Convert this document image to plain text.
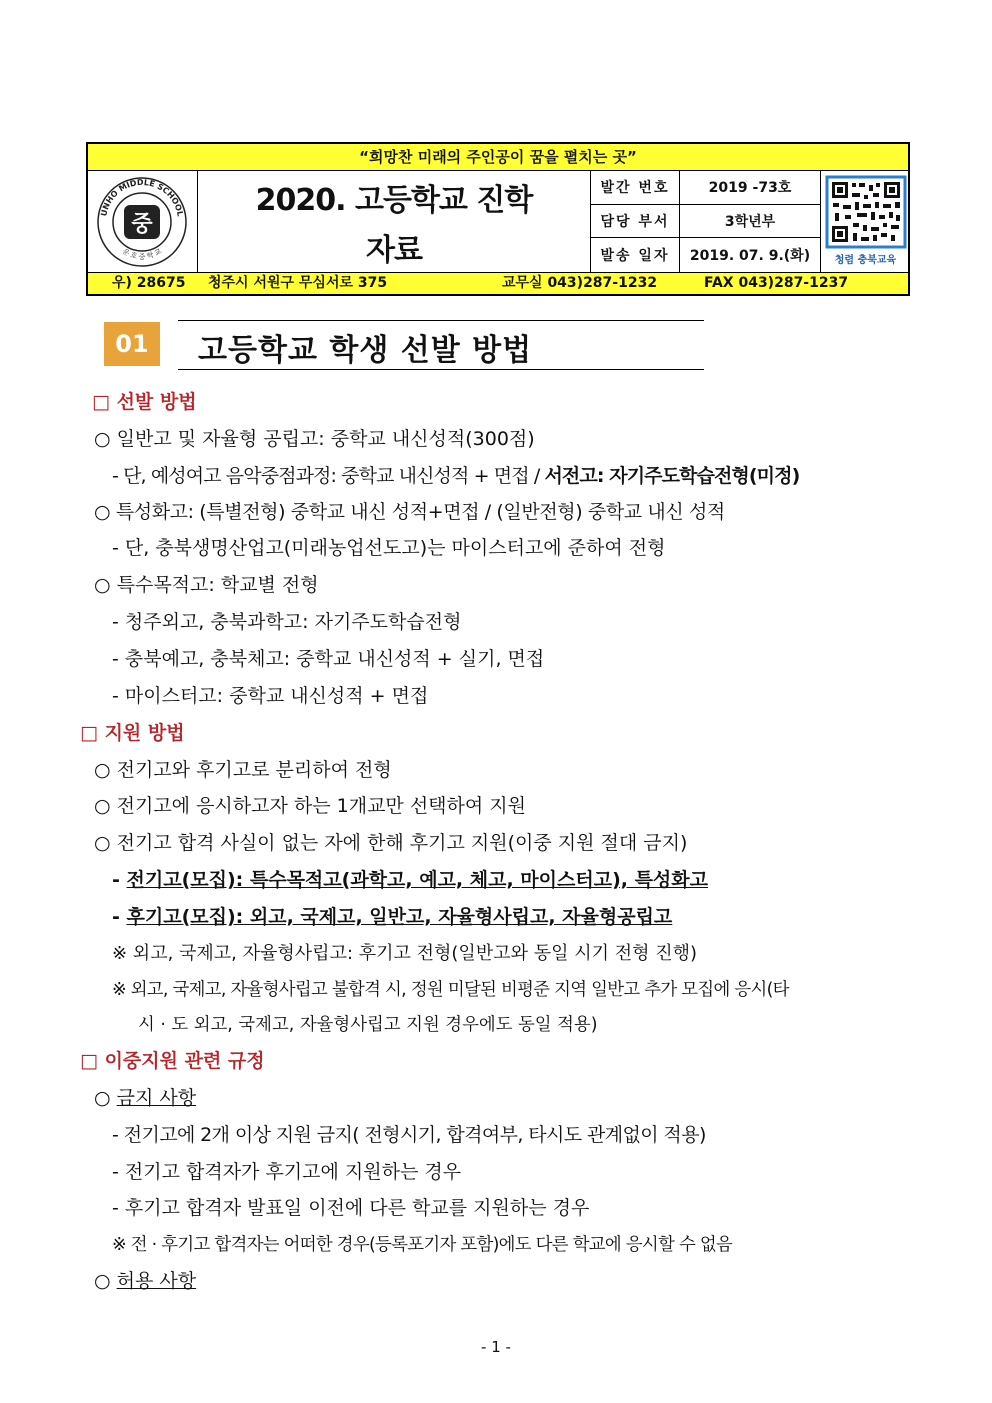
“희망찬 미래의 주인공이 꿈을 펼치는 곳”
UNHO MIDDLE SCHOOL
운 호 중 학 교
중
2020. 고등학교 진학
자료
발간 번호	2019 -73호
담당 부서	3학년부
발송 일자	2019. 07. 9.(화)	청렴 충북교육
우) 28675 청주시 서원구 무심서로 375	교무실 043)287-1232	FAX 043)287-1237
01	고등학교 학생 선발 방법
□ 선발 방법
○ 일반고 및 자율형 공립고: 중학교 내신성적(300점)
- 단, 예성여고 음악중점과정: 중학교 내신성적 + 면접 / 서전고: 자기주도학습전형(미정)
○ 특성화고: (특별전형) 중학교 내신 성적+면접 / (일반전형) 중학교 내신 성적
- 단, 충북생명산업고(미래농업선도고)는 마이스터고에 준하여 전형
○ 특수목적고: 학교별 전형
- 청주외고, 충북과학고: 자기주도학습전형
- 충북예고, 충북체고: 중학교 내신성적 + 실기, 면접
- 마이스터고: 중학교 내신성적 + 면접
□ 지원 방법
○ 전기고와 후기고로 분리하여 전형
○ 전기고에 응시하고자 하는 1개교만 선택하여 지원
○ 전기고 합격 사실이 없는 자에 한해 후기고 지원(이중 지원 절대 금지)
- 전기고(모집): 특수목적고(과학고, 예고, 체고, 마이스터고), 특성화고
- 후기고(모집): 외고, 국제고, 일반고, 자율형사립고, 자율형공립고
※ 외고, 국제고, 자율형사립고: 후기고 전형(일반고와 동일 시기 전형 진행)
※ 외고, 국제고, 자율형사립고 불합격 시, 정원 미달된 비평준 지역 일반고 추가 모집에 응시(타
시 · 도 외고, 국제고, 자율형사립고 지원 경우에도 동일 적용)
□ 이중지원 관련 규정
○ 금지 사항
- 전기고에 2개 이상 지원 금지( 전형시기, 합격여부, 타시도 관계없이 적용)
- 전기고 합격자가 후기고에 지원하는 경우
- 후기고 합격자 발표일 이전에 다른 학교를 지원하는 경우
※ 전 · 후기고 합격자는 어떠한 경우(등록포기자 포함)에도 다른 학교에 응시할 수 없음
○ 허용 사항
- 1 -
